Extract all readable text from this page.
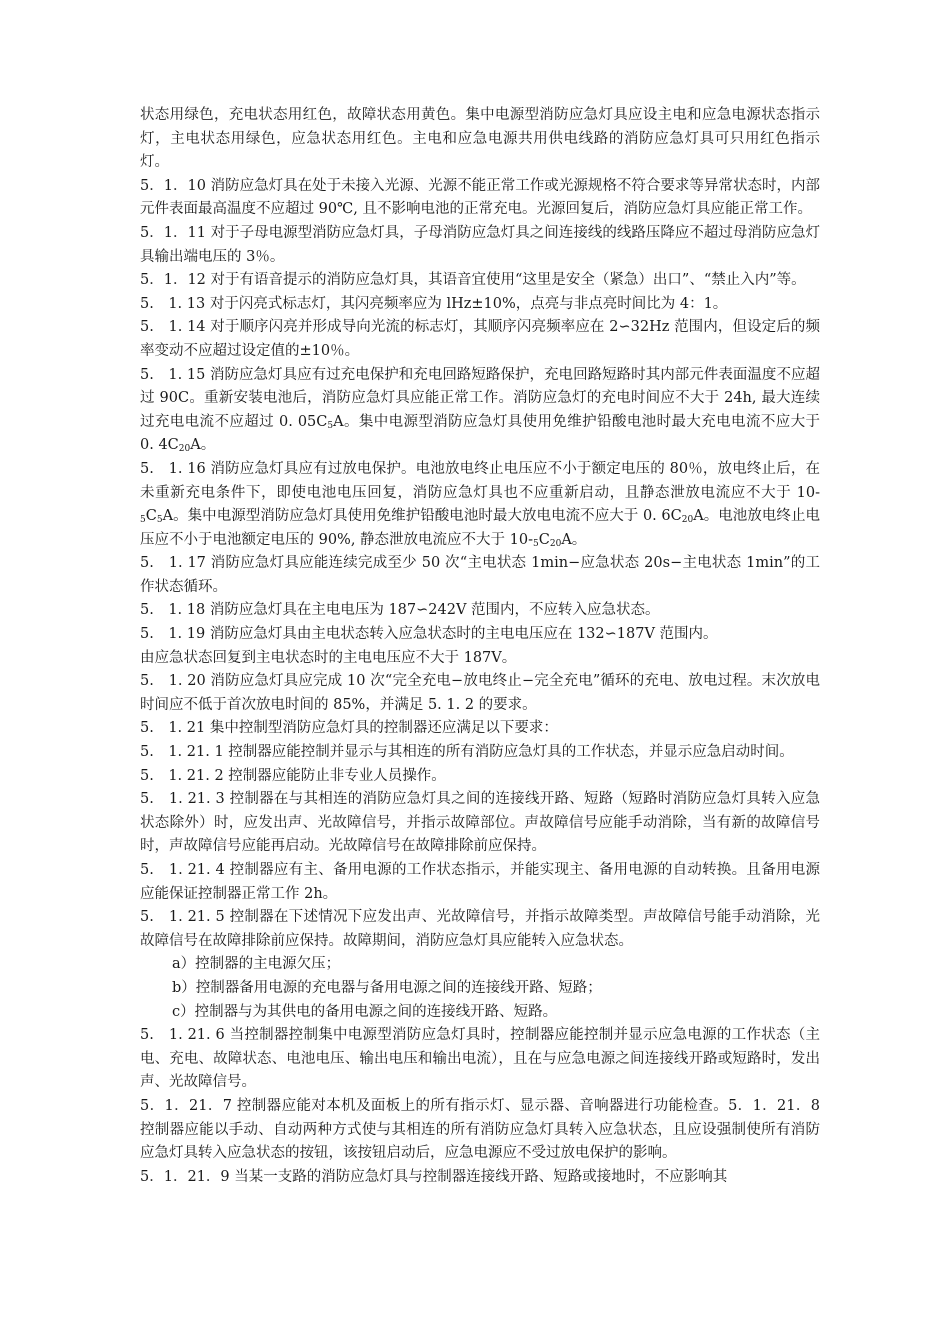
状态用绿色，充电状态用红色，故障状态用黄色。集中电源型消防应急灯具应设主电和应急电源状态指示灯，主电状态用绿色，应急状态用红色。主电和应急电源共用供电线路的消防应急灯具可只用红色指示灯。

5．1．10 消防应急灯具在处于未接入光源、光源不能正常工作或光源规格不符合要求等异常状态时，内部元件表面最高温度不应超过 90℃, 且不影响电池的正常充电。光源回复后，消防应急灯具应能正常工作。

5．1．11 对于子母电源型消防应急灯具，子母消防应急灯具之间连接线的线路压降应不超过母消防应急灯具输出端电压的 3％。

5．1．12 对于有语音提示的消防应急灯具，其语音宜使用“这里是安全（紧急）出口”、“禁止入内”等。

5.　1. 13 对于闪亮式标志灯，其闪亮频率应为 lHz±10%，点亮与非点亮时间比为 4：1。

5.　1. 14 对于顺序闪亮并形成导向光流的标志灯，其顺序闪亮频率应在 2∽32Hz 范围内，但设定后的频率变动不应超过设定值的±10％。

5.　1. 15 消防应急灯具应有过充电保护和充电回路短路保护，充电回路短路时其内部元件表面温度不应超过 90C。重新安装电池后，消防应急灯具应能正常工作。消防应急灯的充电时间应不大于 24h, 最大连续过充电电流不应超过 0. $05C_5A$。集中电源型消防应急灯具使用免维护铅酸电池时最大充电电流不应大于 0. $4C_{20}A$。

5.　1. 16 消防应急灯具应有过放电保护。电池放电终止电压应不小于额定电压的 80％，放电终止后，在未重新充电条件下，即使电池电压回复，消防应急灯具也不应重新启动，且静态泄放电流应不大于 $10-_5C_5A$。集中电源型消防应急灯具使用免维护铅酸电池时最大放电电流不应大于 0. $6C_{20}A$。电池放电终止电压应不小于电池额定电压的 90%, 静态泄放电流应不大于 $10-_5C_{20}A$。

5.　1. 17 消防应急灯具应能连续完成至少 50 次“主电状态 1min−应急状态 20s−主电状态 1min”的工作状态循环。

5.　1. 18 消防应急灯具在主电电压为 187∽242V 范围内，不应转入应急状态。

5.　1. 19 消防应急灯具由主电状态转入应急状态时的主电电压应在 132∽187V 范围内。

由应急状态回复到主电状态时的主电电压应不大于 187V。

5.　1. 20 消防应急灯具应完成 10 次“完全充电−放电终止−完全充电”循环的充电、放电过程。末次放电时间应不低于首次放电时间的 85%，并满足 5. 1. 2 的要求。

5.　1. 21 集中控制型消防应急灯具的控制器还应满足以下要求：

5.　1. 21. 1 控制器应能控制并显示与其相连的所有消防应急灯具的工作状态，并显示应急启动时间。

5.　1. 21. 2 控制器应能防止非专业人员操作。

5.　1. 21. 3 控制器在与其相连的消防应急灯具之间的连接线开路、短路（短路时消防应急灯具转入应急状态除外）时，应发出声、光故障信号，并指示故障部位。声故障信号应能手动消除，当有新的故障信号时，声故障信号应能再启动。光故障信号在故障排除前应保持。

5.　1. 21. 4 控制器应有主、备用电源的工作状态指示，并能实现主、备用电源的自动转换。且备用电源应能保证控制器正常工作 2h。

5.　1. 21. 5 控制器在下述情况下应发出声、光故障信号，并指示故障类型。声故障信号能手动消除，光故障信号在故障排除前应保持。故障期间，消防应急灯具应能转入应急状态。

a）控制器的主电源欠压；

b）控制器备用电源的充电器与备用电源之间的连接线开路、短路；

c）控制器与为其供电的备用电源之间的连接线开路、短路。

5.　1. 21. 6 当控制器控制集中电源型消防应急灯具时，控制器应能控制并显示应急电源的工作状态（主电、充电、故障状态、电池电压、输出电压和输出电流），且在与应急电源之间连接线开路或短路时，发出声、光故障信号。

5．1．21．7 控制器应能对本机及面板上的所有指示灯、显示器、音响器进行功能检查。5．1．21．8 控制器应能以手动、自动两种方式使与其相连的所有消防应急灯具转入应急状态，且应设强制使所有消防应急灯具转入应急状态的按钮，该按钮启动后，应急电源应不受过放电保护的影响。

5．1．21．9 当某一支路的消防应急灯具与控制器连接线开路、短路或接地时，不应影响其
